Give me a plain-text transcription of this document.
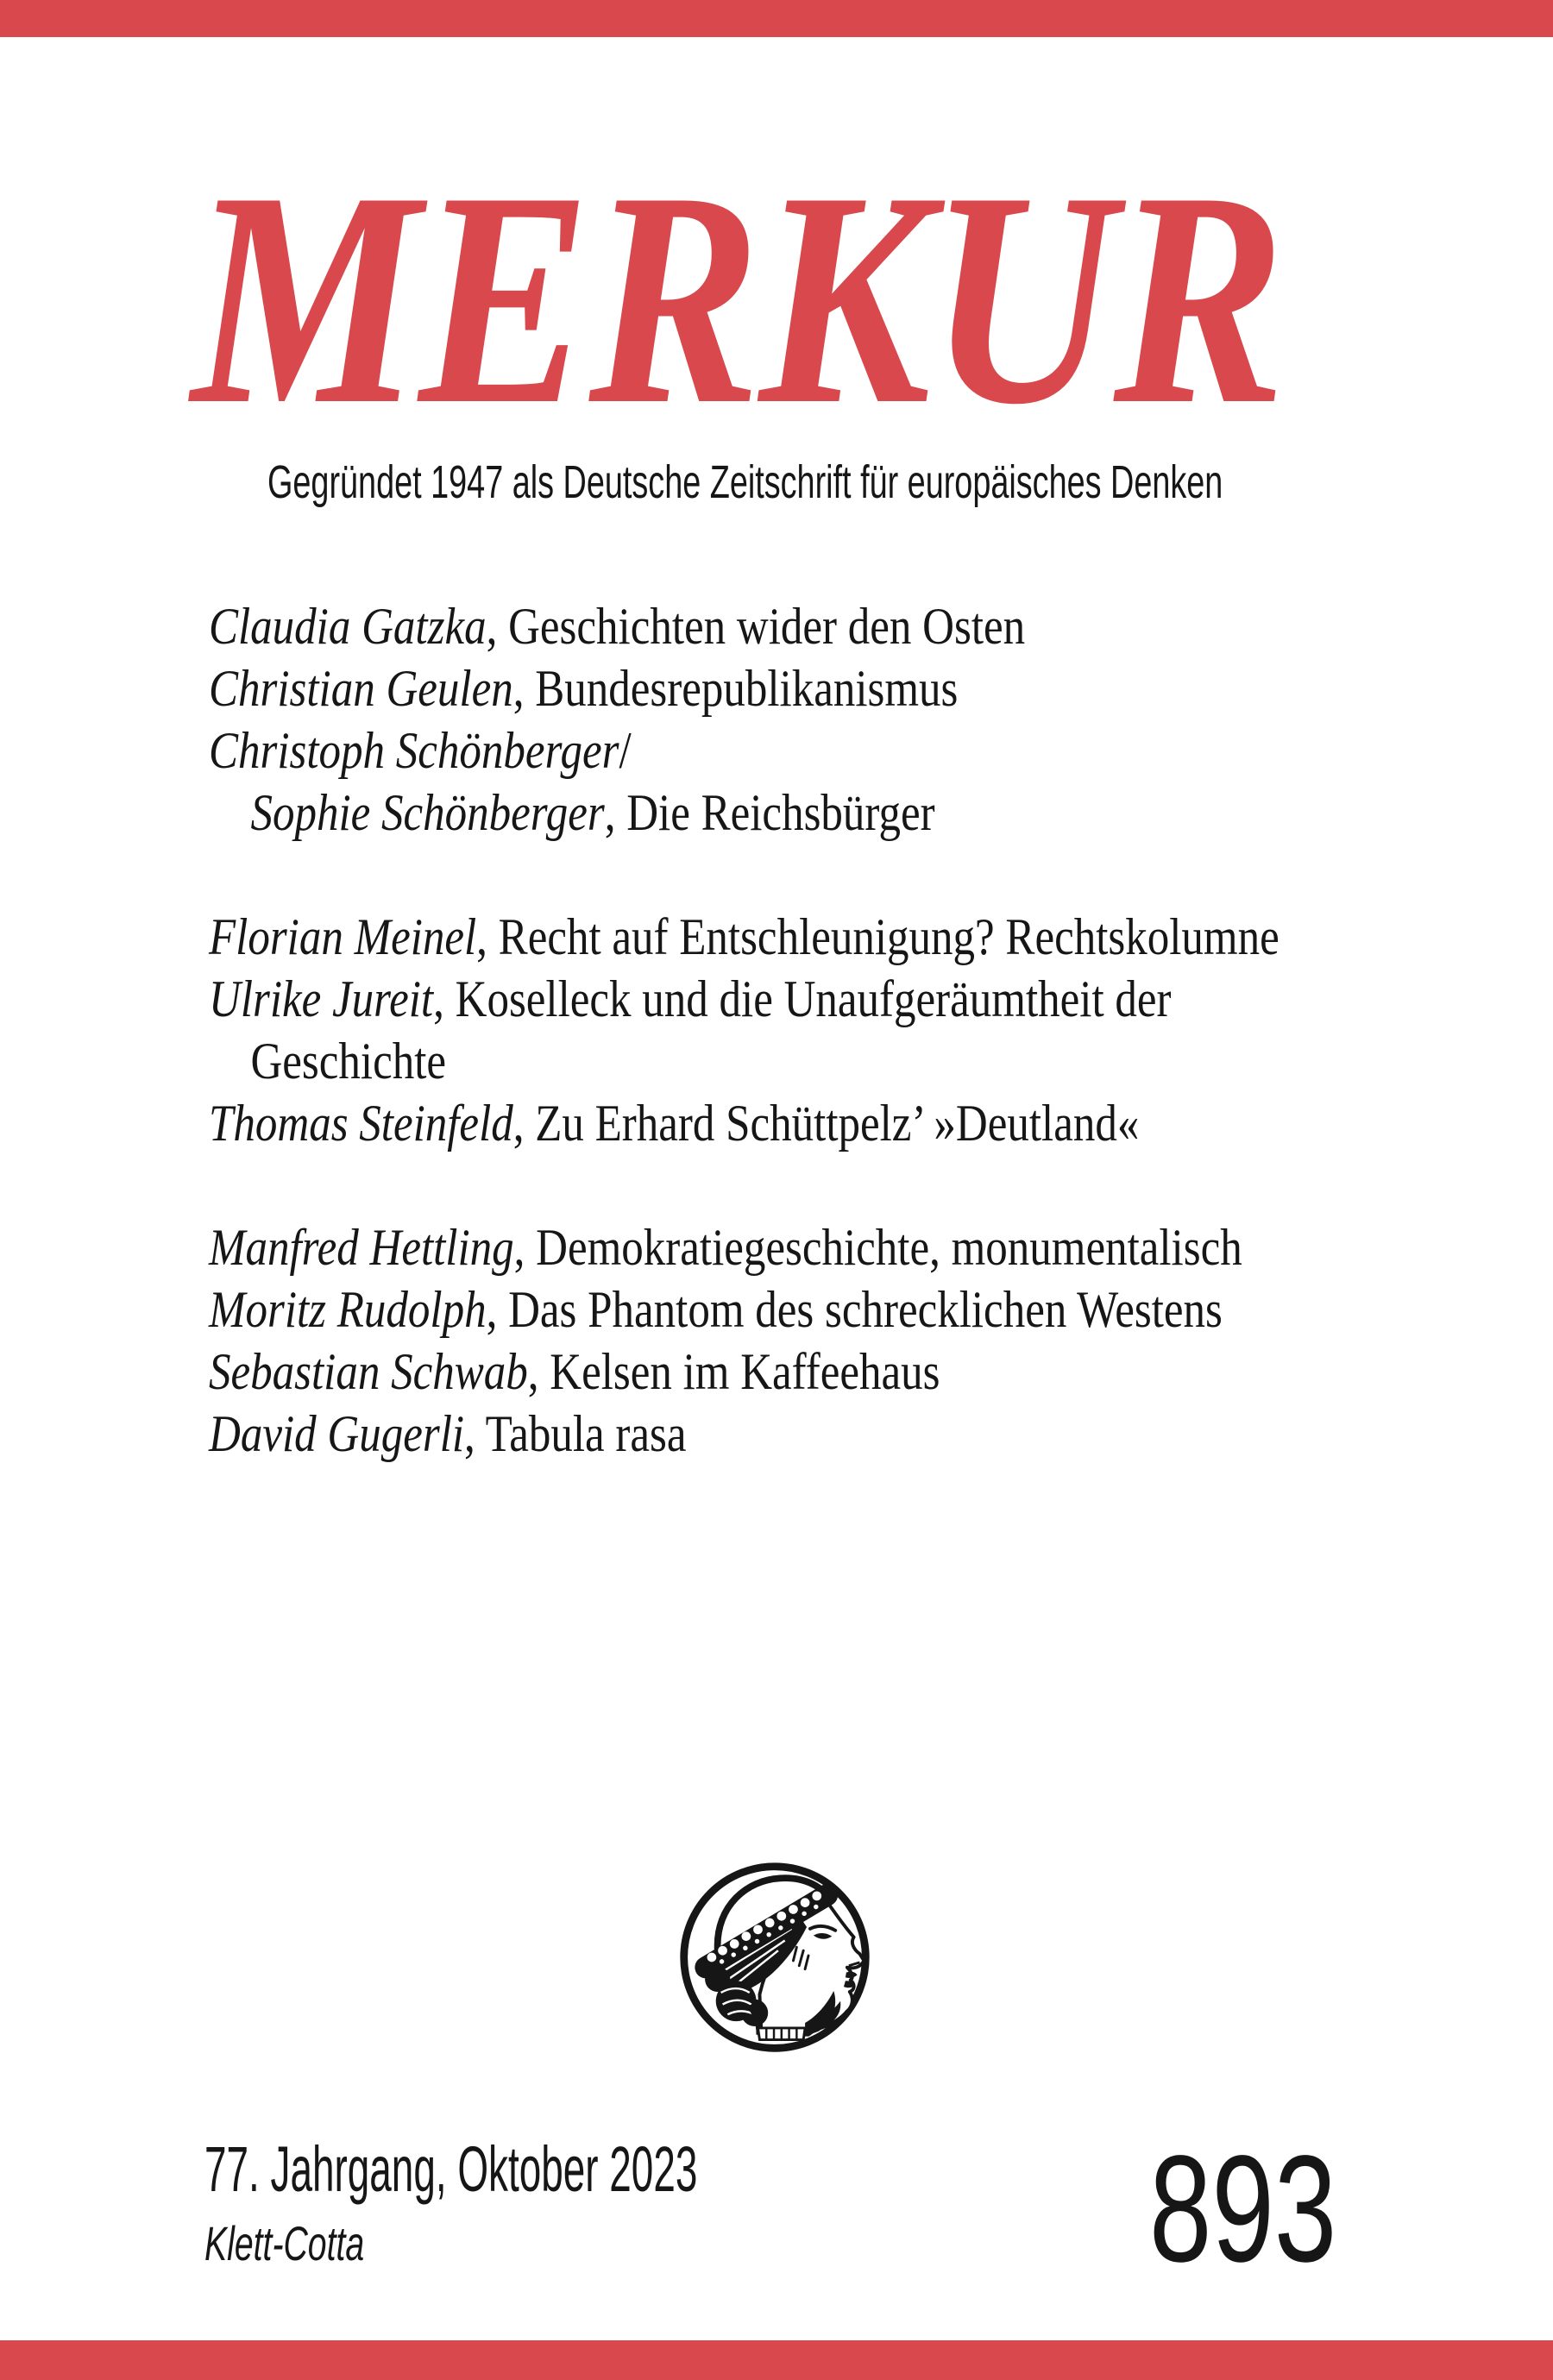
MERKUR
Gegründet 1947 als Deutsche Zeitschrift für europäisches Denken
Claudia Gatzka, Geschichten wider den Osten
Christian Geulen, Bundesrepublikanismus
Christoph Schönberger/
Sophie Schönberger, Die Reichsbürger
Florian Meinel, Recht auf Entschleunigung? Rechtskolumne
Ulrike Jureit, Koselleck und die Unaufgeräumtheit der
Geschichte
Thomas Steinfeld, Zu Erhard Schüttpelz’ »Deutland«
Manfred Hettling, Demokratiegeschichte, monumentalisch
Moritz Rudolph, Das Phantom des schrecklichen Westens
Sebastian Schwab, Kelsen im Kaffeehaus
David Gugerli, Tabula rasa
77. Jahrgang, Oktober 2023
Klett-Cotta	893
